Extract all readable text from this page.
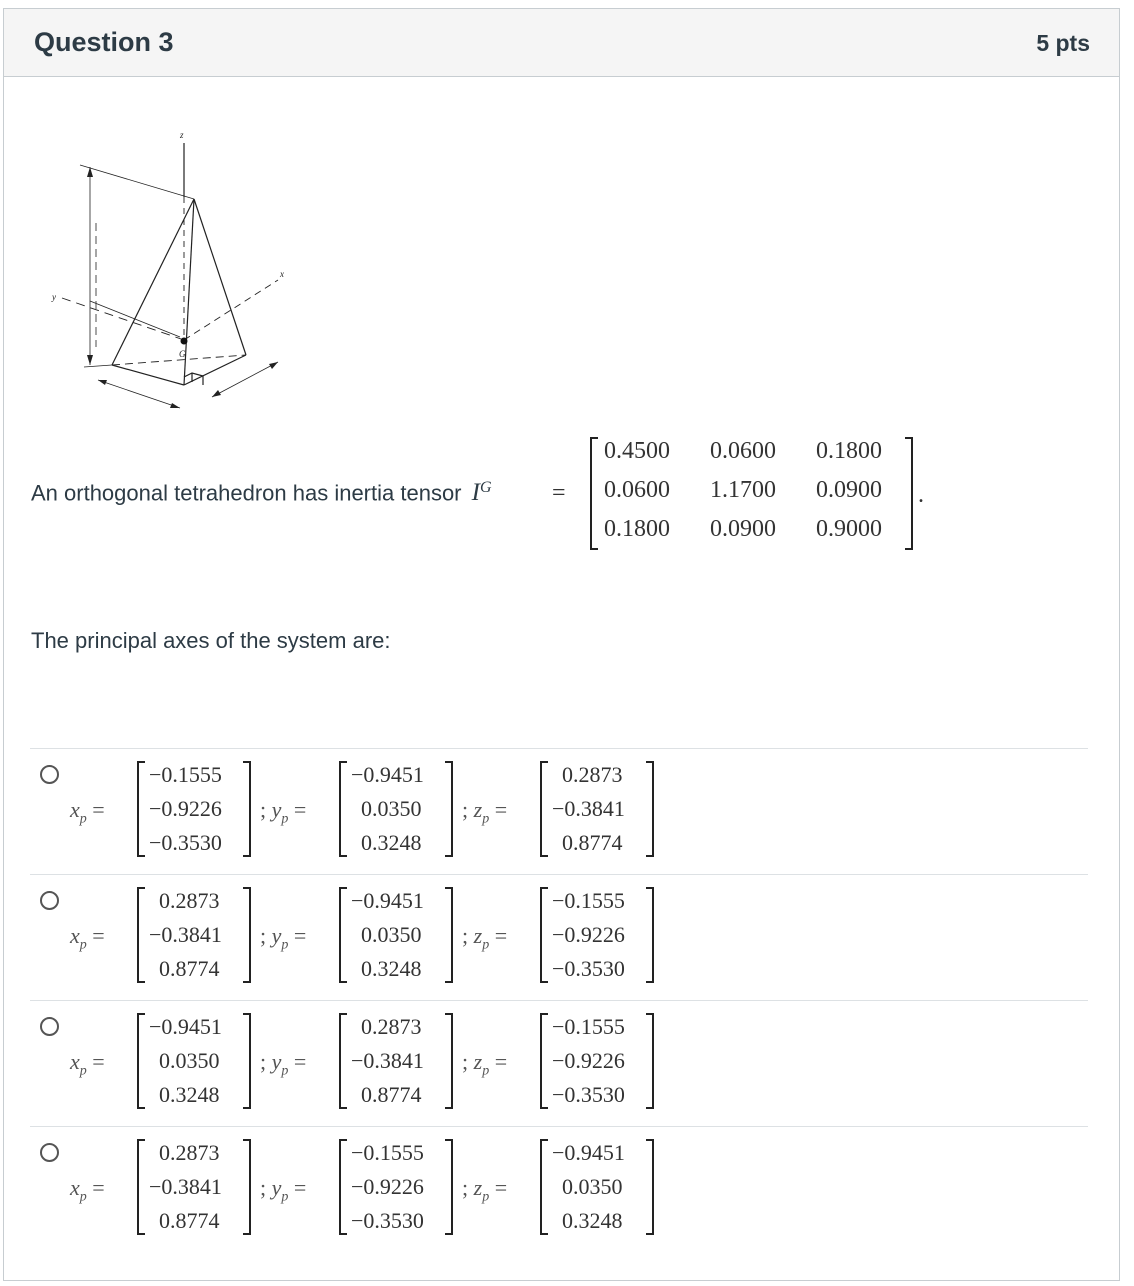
Question 3	5 pts
z
x
y
G
An orthogonal tetrahedron has inertia tensor $I^G$	=
0.4500 0.0600 0.1800
0.0600 1.1700 0.0900
0.1800 0.0900 0.9000
.
The principal axes of the system are:
$x_p$ =
−0.1555
−0.9226
−0.3530
; $y_p$ =
−0.9451
0.0350
0.3248
; $z_p$ =
0.2873
−0.3841
0.8774
$x_p$ =
0.2873
−0.3841
0.8774
; $y_p$ =
−0.9451
0.0350
0.3248
; $z_p$ =
−0.1555
−0.9226
−0.3530
$x_p$ =
−0.9451
0.0350
0.3248
; $y_p$ =
0.2873
−0.3841
0.8774
; $z_p$ =
−0.1555
−0.9226
−0.3530
$x_p$ =
0.2873
−0.3841
0.8774
; $y_p$ =
−0.1555
−0.9226
−0.3530
; $z_p$ =
−0.9451
0.0350
0.3248
